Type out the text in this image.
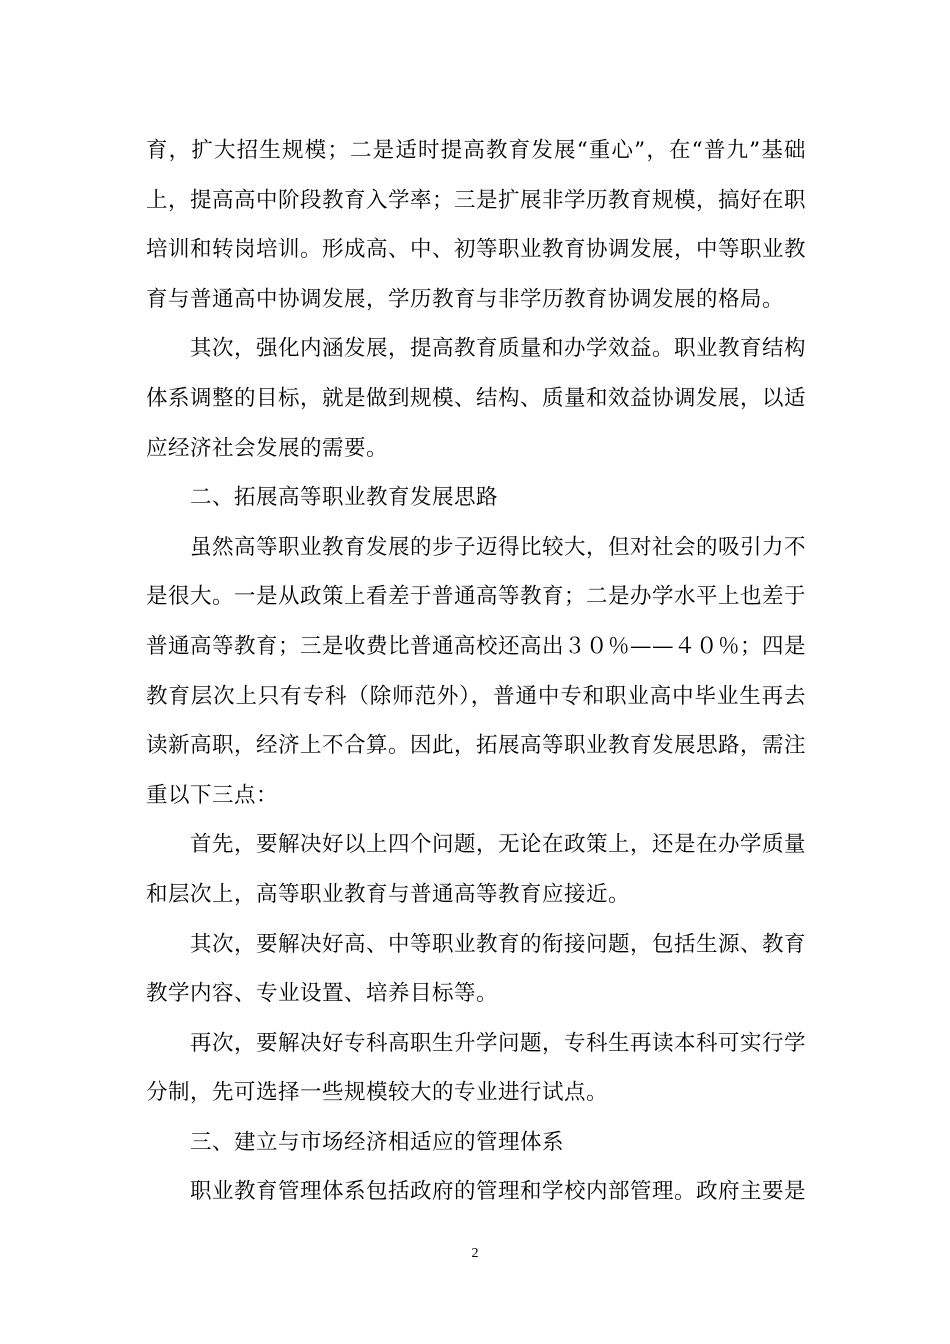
育，扩大招生规模；二是适时提高教育发展“重心”，在“普九”基础上，提高高中阶段教育入学率；三是扩展非学历教育规模，搞好在职培训和转岗培训。形成高、中、初等职业教育协调发展，中等职业教育与普通高中协调发展，学历教育与非学历教育协调发展的格局。

其次，强化内涵发展，提高教育质量和办学效益。职业教育结构体系调整的目标，就是做到规模、结构、质量和效益协调发展，以适应经济社会发展的需要。

二、拓展高等职业教育发展思路

虽然高等职业教育发展的步子迈得比较大，但对社会的吸引力不是很大。一是从政策上看差于普通高等教育；二是办学水平上也差于普通高等教育；三是收费比普通高校还高出３０％——４０％；四是教育层次上只有专科（除师范外），普通中专和职业高中毕业生再去读新高职，经济上不合算。因此，拓展高等职业教育发展思路，需注重以下三点：

首先，要解决好以上四个问题，无论在政策上，还是在办学质量和层次上，高等职业教育与普通高等教育应接近。

其次，要解决好高、中等职业教育的衔接问题，包括生源、教育教学内容、专业设置、培养目标等。

再次，要解决好专科高职生升学问题，专科生再读本科可实行学分制，先可选择一些规模较大的专业进行试点。

三、建立与市场经济相适应的管理体系

职业教育管理体系包括政府的管理和学校内部管理。政府主要是

2
